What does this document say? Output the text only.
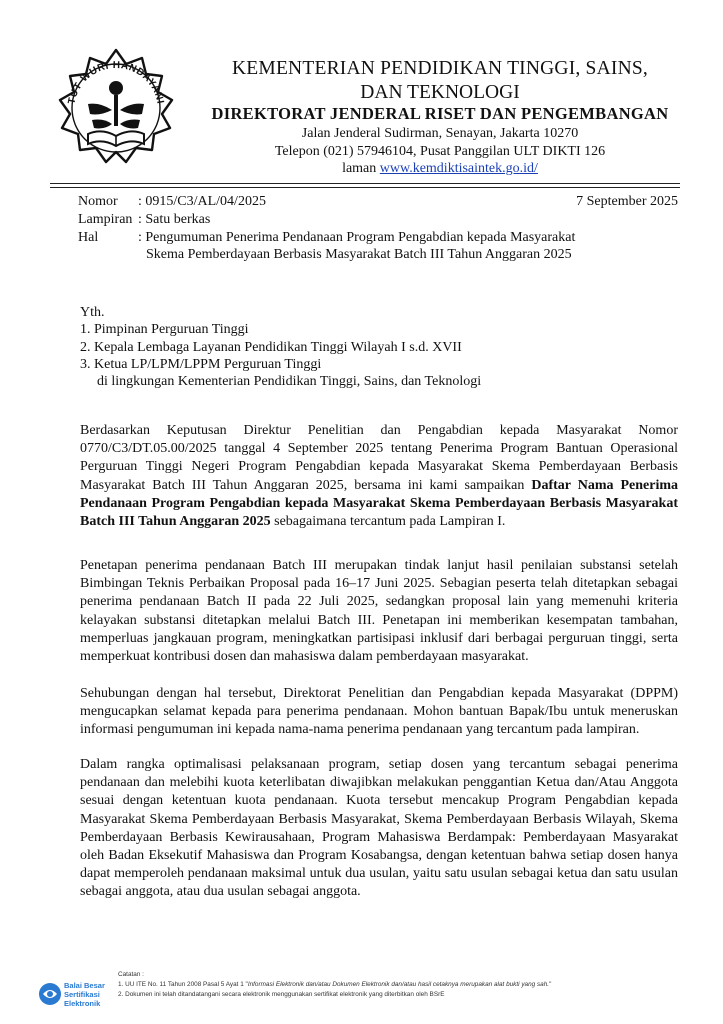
TUT WURI HANDAYANI
KEMENTERIAN PENDIDIKAN TINGGI, SAINS,
DAN TEKNOLOGI
DIREKTORAT JENDERAL RISET DAN PENGEMBANGAN
Jalan Jenderal Sudirman, Senayan, Jakarta 10270
Telepon (021) 57946104, Pusat Panggilan ULT DIKTI 126
laman www.kemdiktisaintek.go.id/
Nomor : 0915/C3/AL/04/2025	7 September 2025
Lampiran : Satu berkas
Hal	: Pengumuman Penerima Pendanaan Program Pengabdian kepada Masyarakat
Skema Pemberdayaan Berbasis Masyarakat Batch III Tahun Anggaran 2025
Yth.
1. Pimpinan Perguruan Tinggi
2. Kepala Lembaga Layanan Pendidikan Tinggi Wilayah I s.d. XVII
3. Ketua LP/LPM/LPPM Perguruan Tinggi
di lingkungan Kementerian Pendidikan Tinggi, Sains, dan Teknologi
Berdasarkan Keputusan Direktur Penelitian dan Pengabdian kepada Masyarakat Nomor 0770/C3/DT.05.00/2025 tanggal 4 September 2025 tentang Penerima Program Bantuan Operasional Perguruan Tinggi Negeri Program Pengabdian kepada Masyarakat Skema Pemberdayaan Berbasis Masyarakat Batch III Tahun Anggaran 2025, bersama ini kami sampaikan Daftar Nama Penerima Pendanaan Program Pengabdian kepada Masyarakat Skema Pemberdayaan Berbasis Masyarakat Batch III Tahun Anggaran 2025 sebagaimana tercantum pada Lampiran I.
Penetapan penerima pendanaan Batch III merupakan tindak lanjut hasil penilaian substansi setelah Bimbingan Teknis Perbaikan Proposal pada 16–17 Juni 2025. Sebagian peserta telah ditetapkan sebagai penerima pendanaan Batch II pada 22 Juli 2025, sedangkan proposal lain yang memenuhi kriteria kelayakan substansi ditetapkan melalui Batch III. Penetapan ini memberikan kesempatan tambahan, memperluas jangkauan program, meningkatkan partisipasi inklusif dari berbagai perguruan tinggi, serta memperkuat kontribusi dosen dan mahasiswa dalam pemberdayaan masyarakat.
Sehubungan dengan hal tersebut, Direktorat Penelitian dan Pengabdian kepada Masyarakat (DPPM) mengucapkan selamat kepada para penerima pendanaan. Mohon bantuan Bapak/Ibu untuk meneruskan informasi pengumuman ini kepada nama-nama penerima pendanaan yang tercantum pada lampiran.
Dalam rangka optimalisasi pelaksanaan program, setiap dosen yang tercantum sebagai penerima pendanaan dan melebihi kuota keterlibatan diwajibkan melakukan penggantian Ketua dan/Atau Anggota sesuai dengan ketentuan kuota pendanaan. Kuota tersebut mencakup Program Pengabdian kepada Masyarakat Skema Pemberdayaan Berbasis Masyarakat, Skema Pemberdayaan Berbasis Wilayah, Skema Pemberdayaan Berbasis Kewirausahaan, Program Mahasiswa Berdampak: Pemberdayaan Masyarakat oleh Badan Eksekutif Mahasiswa dan Program Kosabangsa, dengan ketentuan bahwa setiap dosen hanya dapat memperoleh pendanaan maksimal untuk dua usulan, yaitu satu usulan sebagai ketua dan satu usulan sebagai anggota, atau dua usulan sebagai anggota.
Balai Besar
Sertifikasi
Elektronik
Catatan :
1. UU ITE No. 11 Tahun 2008 Pasal 5 Ayat 1 "Informasi Elektronik dan/atau Dokumen Elektronik dan/atau hasil cetaknya merupakan alat bukti yang sah."
2. Dokumen ini telah ditandatangani secara elektronik menggunakan sertifikat elektronik yang diterbitkan oleh BSrE
